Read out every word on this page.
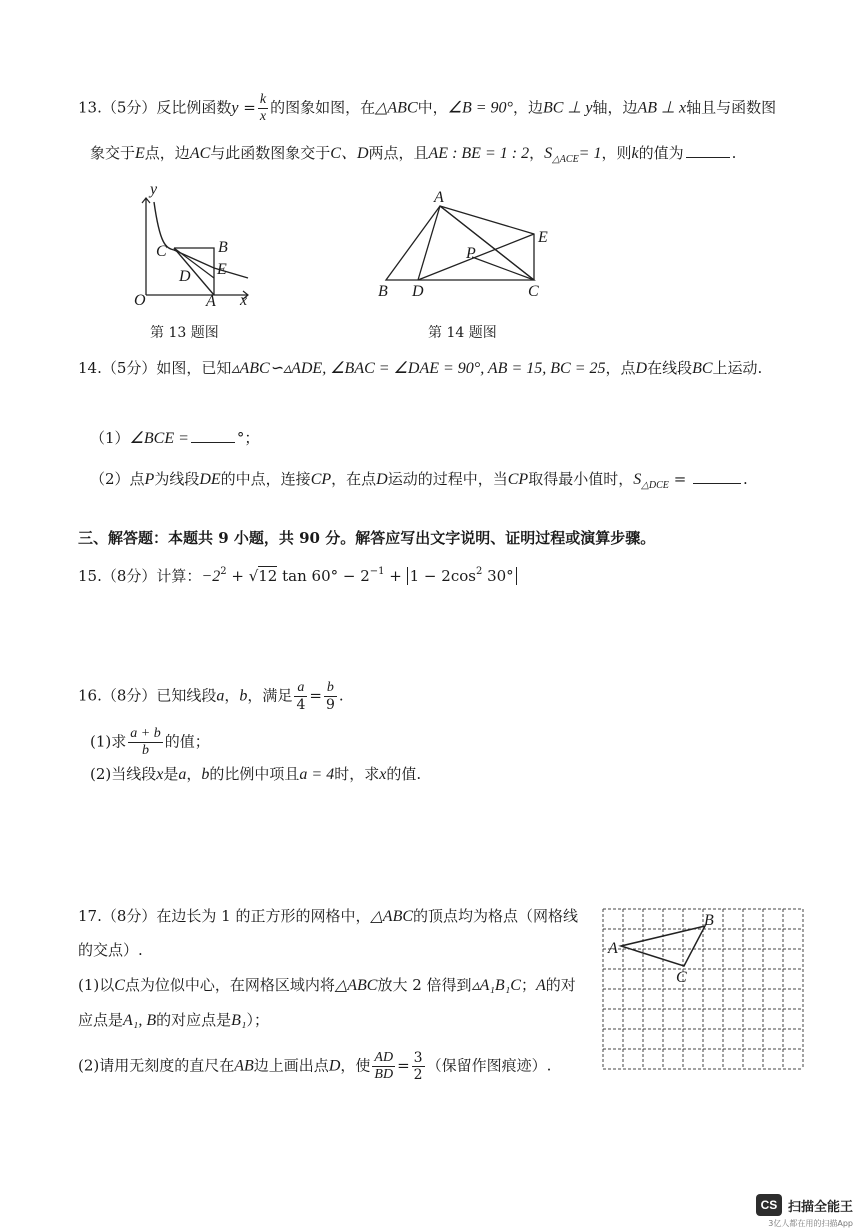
13.（5分）反比例函数$y = \frac{k}{x}$ 的图象如图，在△ABC中，∠B = 90°，边BC ⊥ y轴，边AB ⊥ x轴且与函数图
象交于E点，边AC与此函数图象交于C、D两点，且AE : BE = 1 : 2，$S_{\triangle ACE}= 1$，则k的值为	.
y
x
O	A
B
C
D E
第 13 题图
A
B D	C
E
P
第 14 题图
14.（5分）如图，已知▵ABC∽▵ADE, ∠BAC = ∠DAE = 90°, AB = 15, BC = 25，点D在线段BC上运动.
（1）∠BCE =	°；
（2）点P为线段DE的中点，连接CP，在点D运动的过程中，当CP取得最小值时，$S_{\triangle DCE}$ =	.
三、解答题：本题共 9 小题，共 90 分。解答应写出文字说明、证明过程或演算步骤。
15.（8分）计算：$-2^2 + √12$ $\tan 60^\circ - 2^{-1} + 1 - 2\cos^2$ 30°
16.（8分）已知线段a，b，满足 $\frac{a}{4} = \frac{b}{9}$ .
(1)求 $\frac{a + b}{b}$ 的值；
(2)当线段x是a，b的比例中项且a = 4时，求x的值.
17.（8分）在边长为 1 的正方形的网格中，△ABC的顶点均为格点（网格线
的交点）.
(1)以C点为位似中心，在网格区域内将△ABC放大 2 倍得到▵A₁B₁C；A的对
应点是A₁, B的对应点是B₁）；
(2)请用无刻度的直尺在AB边上画出点D，使 $\frac{AD}{BD} = \frac{3}{2}$ （保留作图痕迹）.
A
B
C
CS 扫描全能王
3亿人都在用的扫描App
